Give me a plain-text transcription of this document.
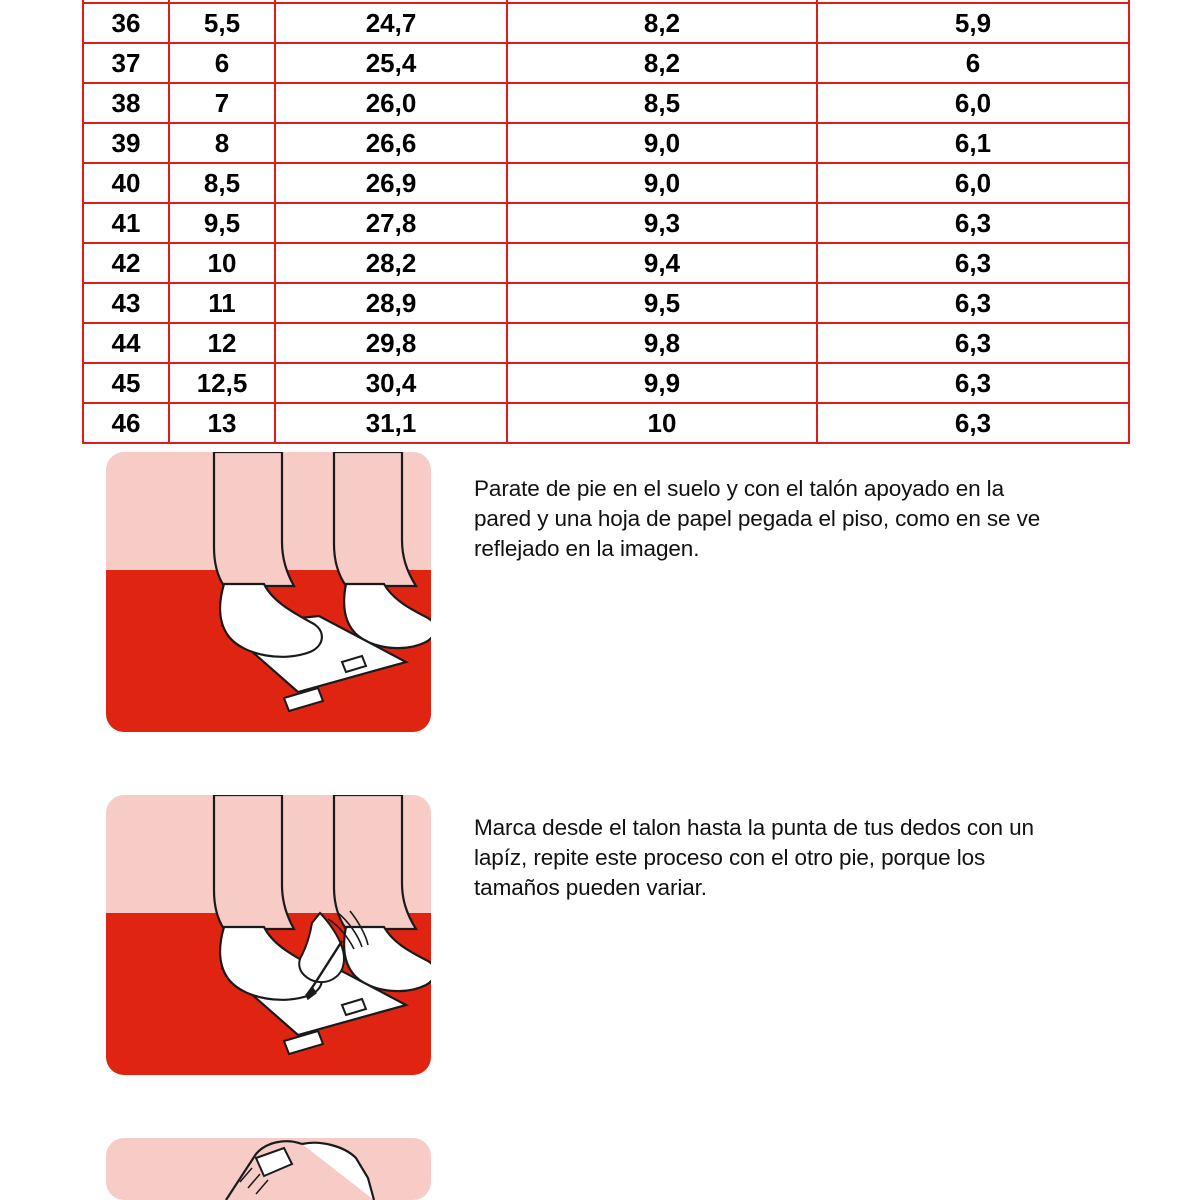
36	5,5	24,7	8,2	5,9
37	6	25,4	8,2	6
38	7	26,0	8,5	6,0
39	8	26,6	9,0	6,1
40	8,5	26,9	9,0	6,0
41	9,5	27,8	9,3	6,3
42	10	28,2	9,4	6,3
43	11	28,9	9,5	6,3
44	12	29,8	9,8	6,3
45	12,5	30,4	9,9	6,3
46	13	31,1	10	6,3
Parate de pie en el suelo y con el talón apoyado en la pared y una hoja de papel pegada el piso, como en se ve reflejado en la imagen.
Marca desde el talon hasta la punta de tus dedos con un lapíz, repite este proceso con el otro pie, porque los tamaños pueden variar.
